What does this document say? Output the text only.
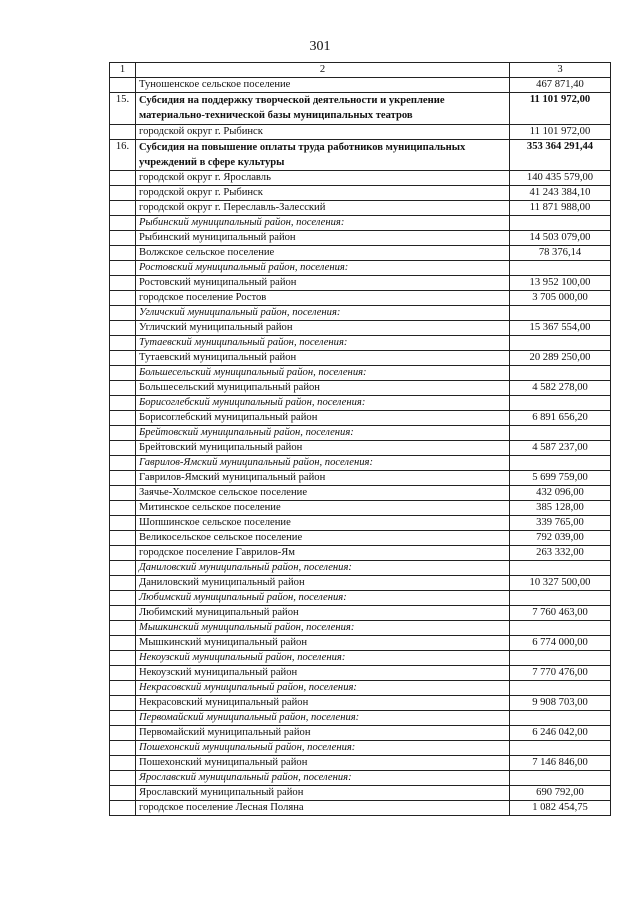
301
1	2	3
	Туношенское сельское поселение	467 871,40
15.	Субсидия на поддержку творческой деятельности и укрепление материально-технической базы муниципальных театров	11 101 972,00
	городской округ г. Рыбинск	11 101 972,00
16.	Субсидия на повышение оплаты труда работников муниципальных учреждений в сфере культуры	353 364 291,44
	городской округ г. Ярославль	140 435 579,00
	городской округ г. Рыбинск	41 243 384,10
	городской округ г. Переславль-Залесский	11 871 988,00
	Рыбинский муниципальный район, поселения:	
	Рыбинский муниципальный район	14 503 079,00
	Волжское сельское поселение	78 376,14
	Ростовский муниципальный район, поселения:	
	Ростовский муниципальный район	13 952 100,00
	городское поселение Ростов	3 705 000,00
	Угличский муниципальный район, поселения:	
	Угличский муниципальный район	15 367 554,00
	Тутаевский муниципальный район, поселения:	
	Тутаевский муниципальный район	20 289 250,00
	Большесельский муниципальный район, поселения:	
	Большесельский муниципальный район	4 582 278,00
	Борисоглебский муниципальный район, поселения:	
	Борисоглебский муниципальный район	6 891 656,20
	Брейтовский муниципальный район, поселения:	
	Брейтовский муниципальный район	4 587 237,00
	Гаврилов-Ямский муниципальный район, поселения:	
	Гаврилов-Ямский муниципальный район	5 699 759,00
	Заячье-Холмское сельское поселение	432 096,00
	Митинское сельское поселение	385 128,00
	Шопшинское сельское поселение	339 765,00
	Великосельское сельское поселение	792 039,00
	городское поселение Гаврилов-Ям	263 332,00
	Даниловский муниципальный район, поселения:	
	Даниловский муниципальный район	10 327 500,00
	Любимский муниципальный район, поселения:	
	Любимский муниципальный район	7 760 463,00
	Мышкинский муниципальный район, поселения:	
	Мышкинский муниципальный район	6 774 000,00
	Некоузский муниципальный район, поселения:	
	Некоузский муниципальный район	7 770 476,00
	Некрасовский муниципальный район, поселения:	
	Некрасовский муниципальный район	9 908 703,00
	Первомайский муниципальный район, поселения:	
	Первомайский муниципальный район	6 246 042,00
	Пошехонский муниципальный район, поселения:	
	Пошехонский муниципальный район	7 146 846,00
	Ярославский муниципальный район, поселения:	
	Ярославский муниципальный район	690 792,00
	городское поселение Лесная Поляна	1 082 454,75
